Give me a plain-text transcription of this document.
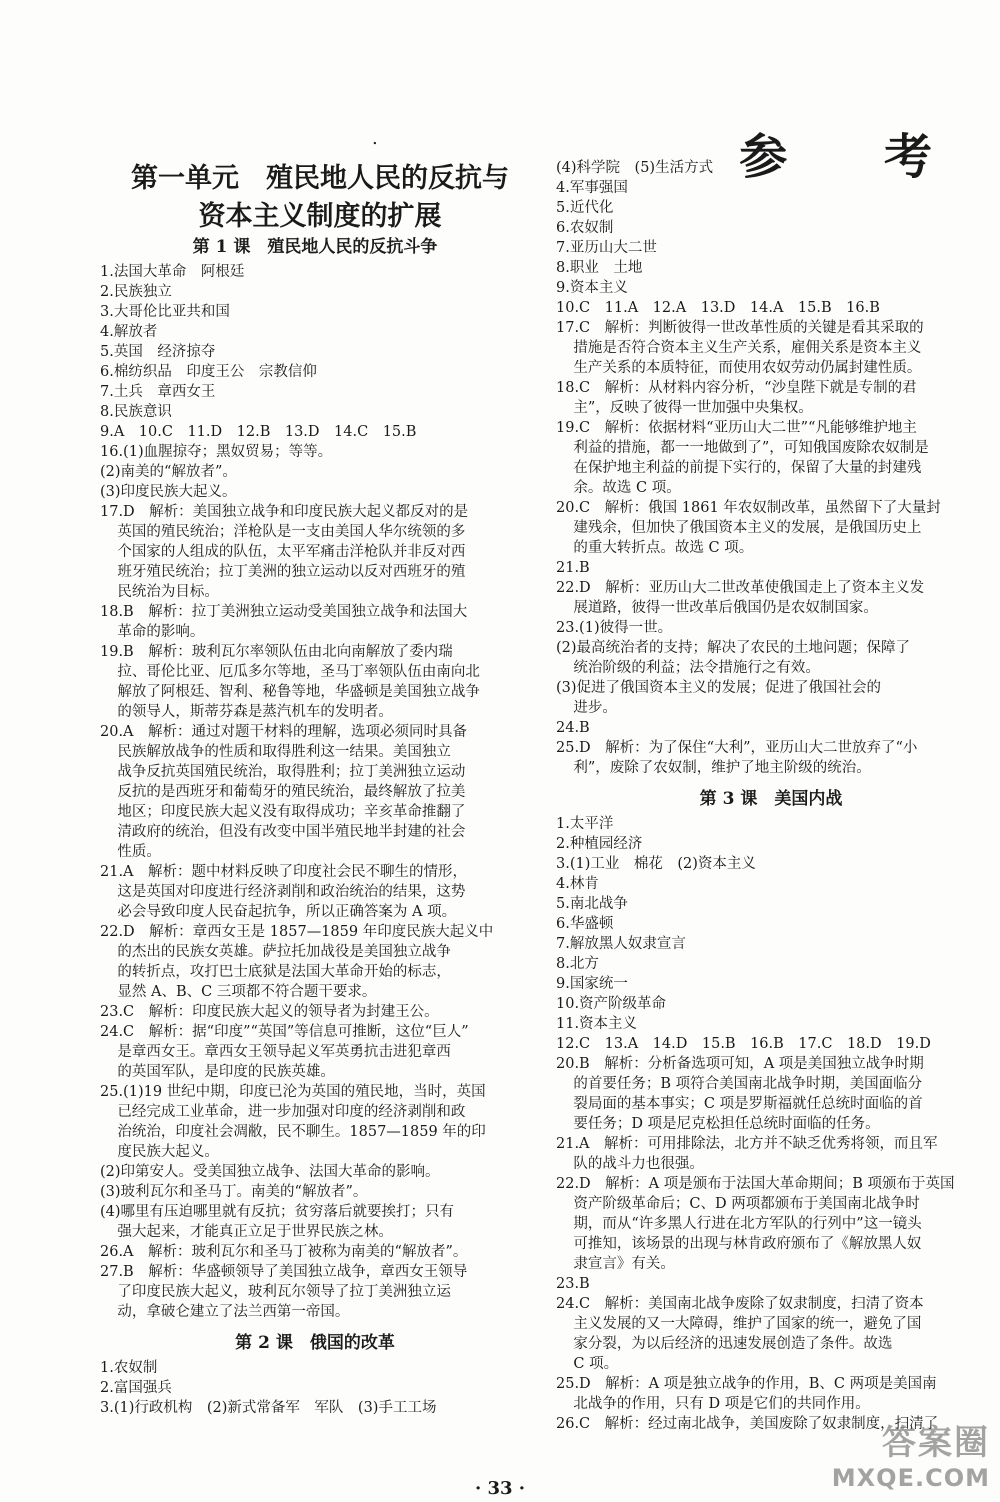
.	参 考
第一单元　殖民地人民的反抗与
资本主义制度的扩展
第 1 课　殖民地人民的反抗斗争
1.法国大革命　阿根廷
2.民族独立
3.大哥伦比亚共和国
4.解放者
5.英国　经济掠夺
6.棉纺织品　印度王公　宗教信仰
7.土兵　章西女王
8.民族意识
9.A　10.C　11.D　12.B　13.D　14.C　15.B
16.(1)血腥掠夺；黑奴贸易；等等。
(2)南美的“解放者”。
(3)印度民族大起义。
17.D　解析：美国独立战争和印度民族大起义都反对的是
英国的殖民统治；洋枪队是一支由美国人华尔统领的多
个国家的人组成的队伍，太平军痛击洋枪队并非反对西
班牙殖民统治；拉丁美洲的独立运动以反对西班牙的殖
民统治为目标。
18.B　解析：拉丁美洲独立运动受美国独立战争和法国大
革命的影响。
19.B　解析：玻利瓦尔率领队伍由北向南解放了委内瑞
拉、哥伦比亚、厄瓜多尔等地，圣马丁率领队伍由南向北
解放了阿根廷、智利、秘鲁等地，华盛顿是美国独立战争
的领导人，斯蒂芬森是蒸汽机车的发明者。
20.A　解析：通过对题干材料的理解，选项必须同时具备
民族解放战争的性质和取得胜利这一结果。美国独立
战争反抗英国殖民统治，取得胜利；拉丁美洲独立运动
反抗的是西班牙和葡萄牙的殖民统治，最终解放了拉美
地区；印度民族大起义没有取得成功；辛亥革命推翻了
清政府的统治，但没有改变中国半殖民地半封建的社会
性质。
21.A　解析：题中材料反映了印度社会民不聊生的情形，
这是英国对印度进行经济剥削和政治统治的结果，这势
必会导致印度人民奋起抗争，所以正确答案为 A 项。
22.D　解析：章西女王是 1857—1859 年印度民族大起义中
的杰出的民族女英雄。萨拉托加战役是美国独立战争
的转折点，攻打巴士底狱是法国大革命开始的标志，
显然 A、B、C 三项都不符合题干要求。
23.C　解析：印度民族大起义的领导者为封建王公。
24.C　解析：据“印度”“英国”等信息可推断，这位“巨人”
是章西女王。章西女王领导起义军英勇抗击进犯章西
的英国军队，是印度的民族英雄。
25.(1)19 世纪中期，印度已沦为英国的殖民地，当时，英国
已经完成工业革命，进一步加强对印度的经济剥削和政
治统治，印度社会凋敝，民不聊生。1857—1859 年的印
度民族大起义。
(2)印第安人。受美国独立战争、法国大革命的影响。
(3)玻利瓦尔和圣马丁。南美的“解放者”。
(4)哪里有压迫哪里就有反抗；贫穷落后就要挨打；只有
强大起来，才能真正立足于世界民族之林。
26.A　解析：玻利瓦尔和圣马丁被称为南美的“解放者”。
27.B　解析：华盛顿领导了美国独立战争，章西女王领导
了印度民族大起义，玻利瓦尔领导了拉丁美洲独立运
动，拿破仑建立了法兰西第一帝国。
第 2 课　俄国的改革
1.农奴制
2.富国强兵
3.(1)行政机构　(2)新式常备军　军队　(3)手工工场
(4)科学院　(5)生活方式
4.军事强国
5.近代化
6.农奴制
7.亚历山大二世
8.职业　土地
9.资本主义
10.C　11.A　12.A　13.D　14.A　15.B　16.B
17.C　解析：判断彼得一世改革性质的关键是看其采取的
措施是否符合资本主义生产关系，雇佣关系是资本主义
生产关系的本质特征，而使用农奴劳动仍属封建性质。
18.C　解析：从材料内容分析，“沙皇陛下就是专制的君
主”，反映了彼得一世加强中央集权。
19.C　解析：依据材料“亚历山大二世”“凡能够维护地主
利益的措施，都一一地做到了”，可知俄国废除农奴制是
在保护地主利益的前提下实行的，保留了大量的封建残
余。故选 C 项。
20.C　解析：俄国 1861 年农奴制改革，虽然留下了大量封
建残余，但加快了俄国资本主义的发展，是俄国历史上
的重大转折点。故选 C 项。
21.B
22.D　解析：亚历山大二世改革使俄国走上了资本主义发
展道路，彼得一世改革后俄国仍是农奴制国家。
23.(1)彼得一世。
(2)最高统治者的支持；解决了农民的土地问题；保障了
统治阶级的利益；法令措施行之有效。
(3)促进了俄国资本主义的发展；促进了俄国社会的
进步。
24.B
25.D　解析：为了保住“大利”，亚历山大二世放弃了“小
利”，废除了农奴制，维护了地主阶级的统治。
第 3 课　美国内战
1.太平洋
2.种植园经济
3.(1)工业　棉花　(2)资本主义
4.林肯
5.南北战争
6.华盛顿
7.解放黑人奴隶宣言
8.北方
9.国家统一
10.资产阶级革命
11.资本主义
12.C　13.A　14.D　15.B　16.B　17.C　18.D　19.D
20.B　解析：分析备选项可知，A 项是美国独立战争时期
的首要任务；B 项符合美国南北战争时期，美国面临分
裂局面的基本事实；C 项是罗斯福就任总统时面临的首
要任务；D 项是尼克松担任总统时面临的任务。
21.A　解析：可用排除法，北方并不缺乏优秀将领，而且军
队的战斗力也很强。
22.D　解析：A 项是颁布于法国大革命期间；B 项颁布于英国
资产阶级革命后；C、D 两项都颁布于美国南北战争时
期，而从“许多黑人行进在北方军队的行列中”这一镜头
可推知，该场景的出现与林肯政府颁布了《解放黑人奴
隶宣言》有关。
23.B
24.C　解析：美国南北战争废除了奴隶制度，扫清了资本
主义发展的又一大障碍，维护了国家的统一，避免了国
家分裂，为以后经济的迅速发展创造了条件。故选
C 项。
25.D　解析：A 项是独立战争的作用，B、C 两项是美国南
北战争的作用，只有 D 项是它们的共同作用。
26.C　解析：经过南北战争，美国废除了奴隶制度，扫清了
· 33 ·
答案圈
MXQE.COM
